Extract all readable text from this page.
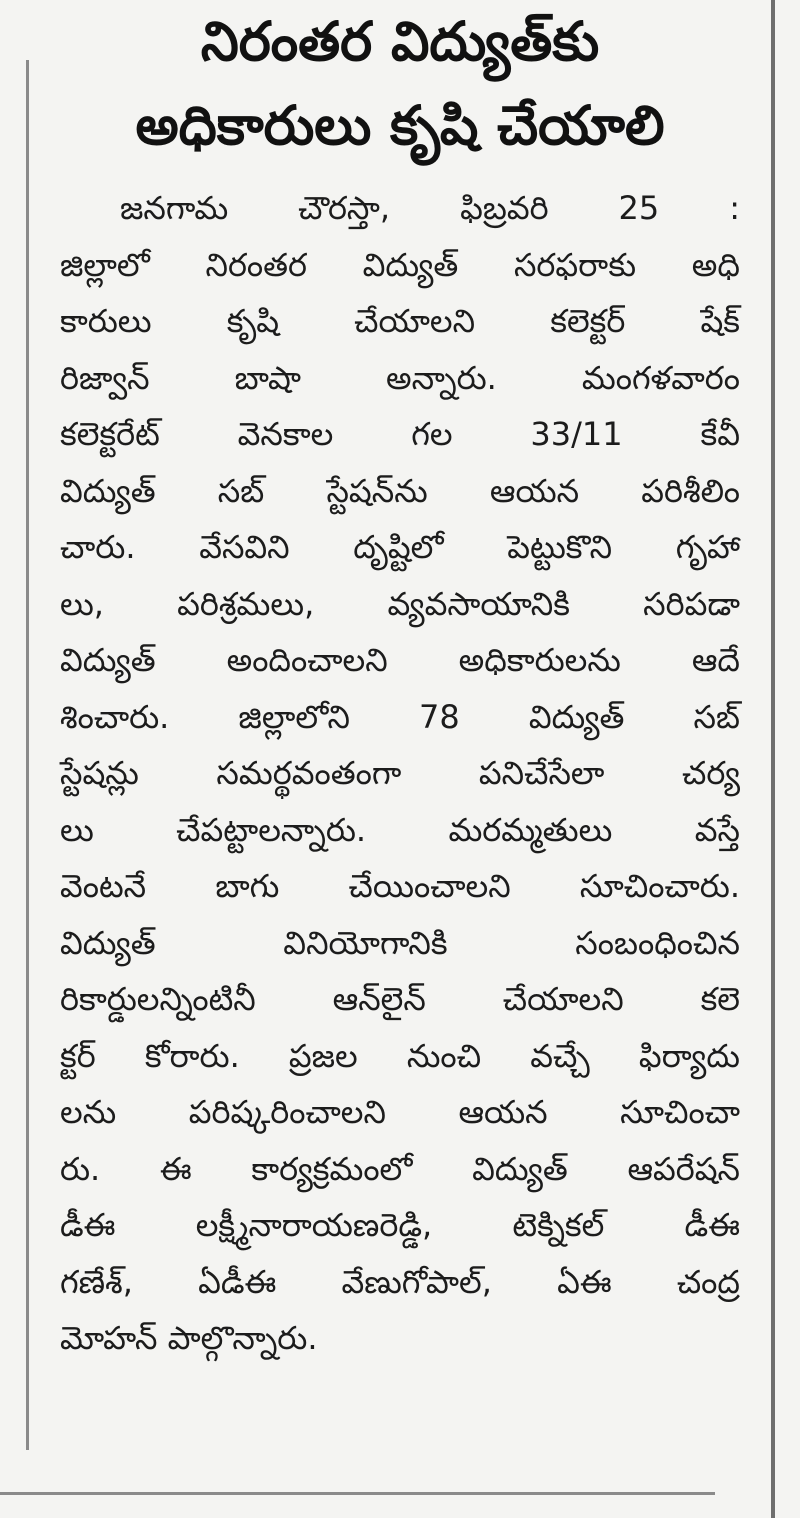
నిరంతర విద్యుత్‌కు
అధికారులు కృషి చేయాలి
జనగామ చౌరస్తా, ఫిబ్రవరి 25 :
జిల్లాలో నిరంతర విద్యుత్ సరఫరాకు అధి
కారులు కృషి చేయాలని కలెక్టర్ షేక్
రిజ్వాన్ బాషా అన్నారు. మంగళవారం
కలెక్టరేట్ వెనకాల గల 33/11 కేవీ
విద్యుత్ సబ్ స్టేషన్‌ను ఆయన పరిశీలిం
చారు. వేసవిని దృష్టిలో పెట్టుకొని గృహా
లు, పరిశ్రమలు, వ్యవసాయానికి సరిపడా
విద్యుత్ అందించాలని అధికారులను ఆదే
శించారు. జిల్లాలోని 78 విద్యుత్ సబ్
స్టేషన్లు సమర్థవంతంగా పనిచేసేలా చర్య
లు చేపట్టాలన్నారు. మరమ్మతులు వస్తే
వెంటనే బాగు చేయించాలని సూచించారు.
విద్యుత్ వినియోగానికి సంబంధించిన
రికార్డులన్నింటినీ ఆన్‌లైన్ చేయాలని కలె
క్టర్ కోరారు. ప్రజల నుంచి వచ్చే ఫిర్యాదు
లను పరిష్కరించాలని ఆయన సూచించా
రు. ఈ కార్యక్రమంలో విద్యుత్ ఆపరేషన్
డీఈ లక్ష్మీనారాయణరెడ్డి, టెక్నికల్ డీఈ
గణేశ్, ఏడీఈ వేణుగోపాల్, ఏఈ చంద్ర
మోహన్ పాల్గొన్నారు.
